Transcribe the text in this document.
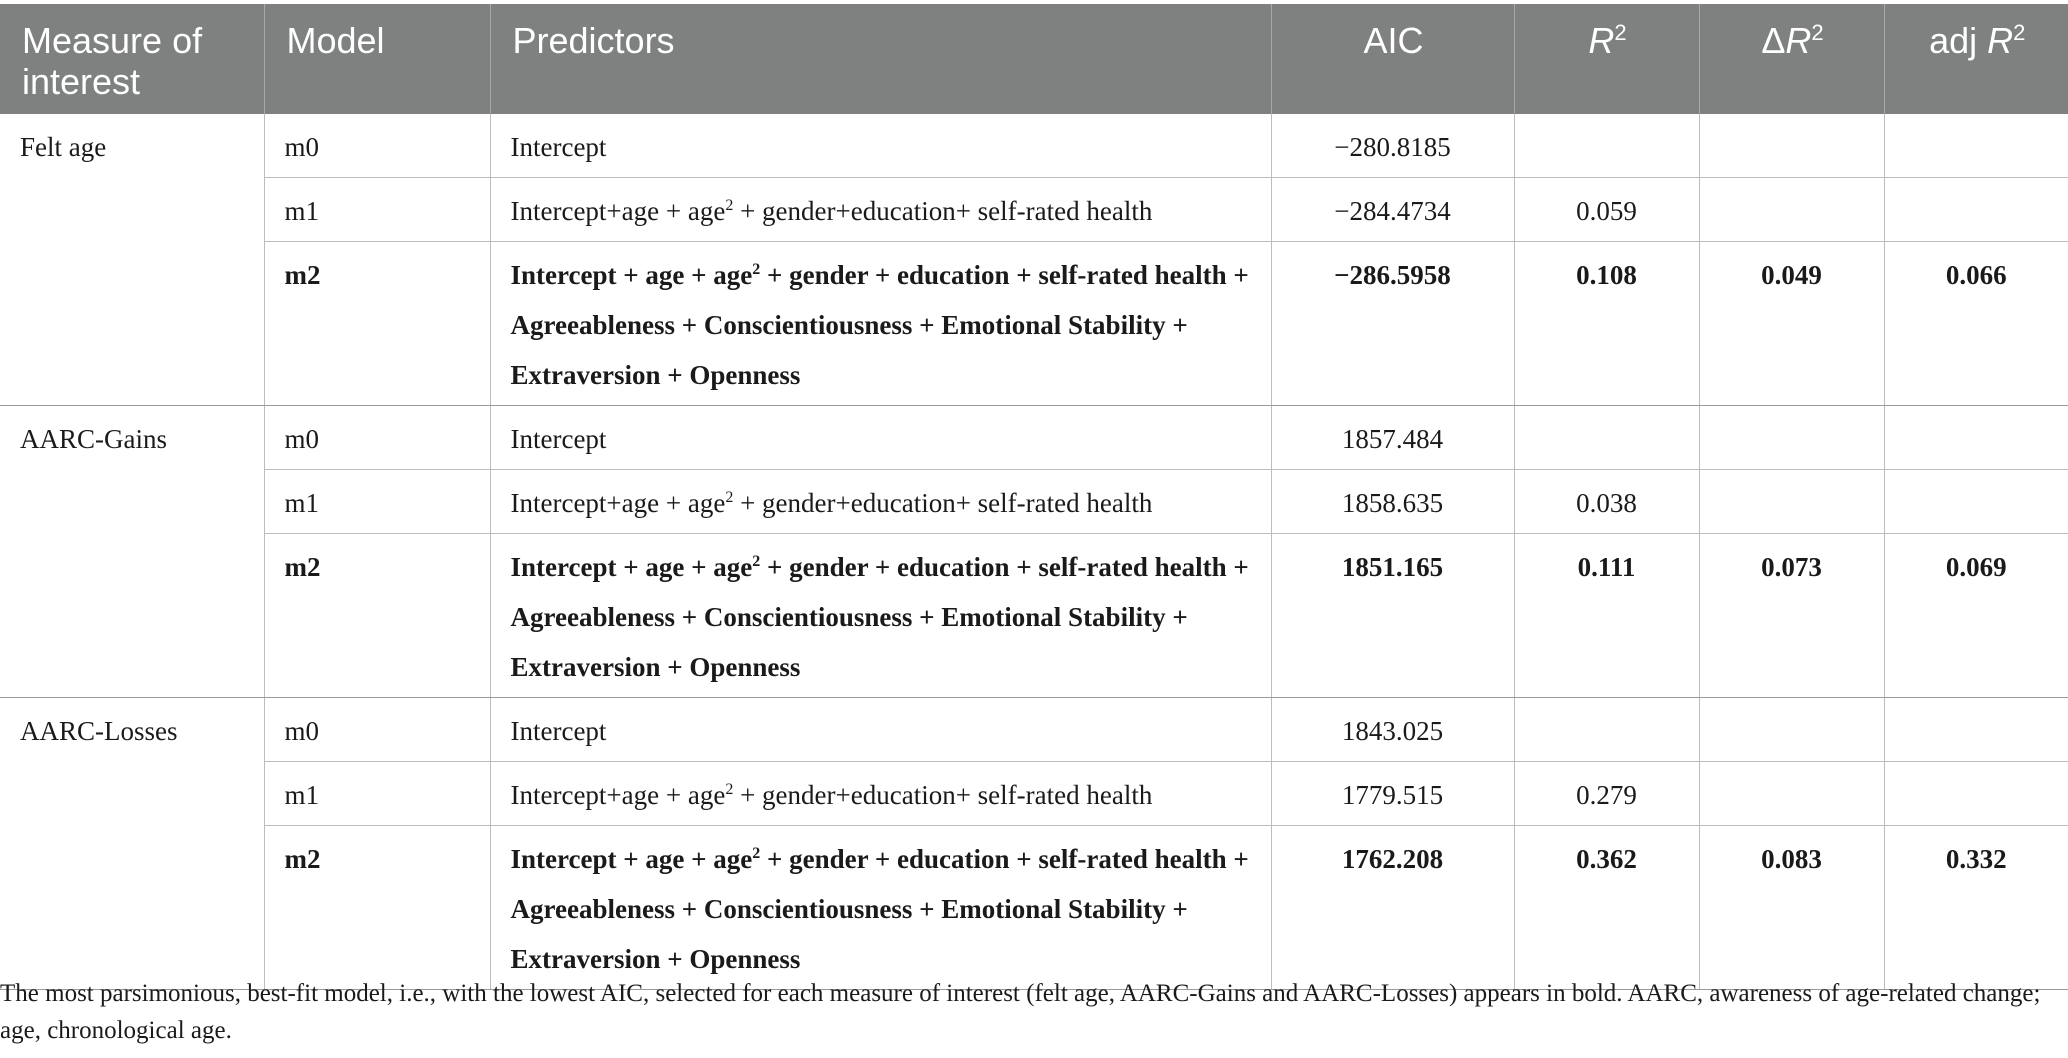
Measure of interest	Model	Predictors	AIC	$R^2$	$\Delta R^2$	adj $R^2$
Felt age	m0	Intercept	−280.8185			
	m1	Intercept+age + age$^2$ + gender+education+ self-rated health	−284.4734	0.059		
	m2	Intercept + age + age$^2$ + gender + education + self-rated health + Agreeableness + Conscientiousness + Emotional Stability + Extraversion + Openness	−286.5958	0.108	0.049	0.066
AARC-Gains	m0	Intercept	1857.484			
	m1	Intercept+age + age$^2$ + gender+education+ self-rated health	1858.635	0.038		
	m2	Intercept + age + age$^2$ + gender + education + self-rated health + Agreeableness + Conscientiousness + Emotional Stability + Extraversion + Openness	1851.165	0.111	0.073	0.069
AARC-Losses	m0	Intercept	1843.025			
	m1	Intercept+age + age$^2$ + gender+education+ self-rated health	1779.515	0.279		
	m2	Intercept + age + age$^2$ + gender + education + self-rated health + Agreeableness + Conscientiousness + Emotional Stability + Extraversion + Openness	1762.208	0.362	0.083	0.332
The most parsimonious, best-fit model, i.e., with the lowest AIC, selected for each measure of interest (felt age, AARC-Gains and AARC-Losses) appears in bold. AARC, awareness of age-related change; age, chronological age.
